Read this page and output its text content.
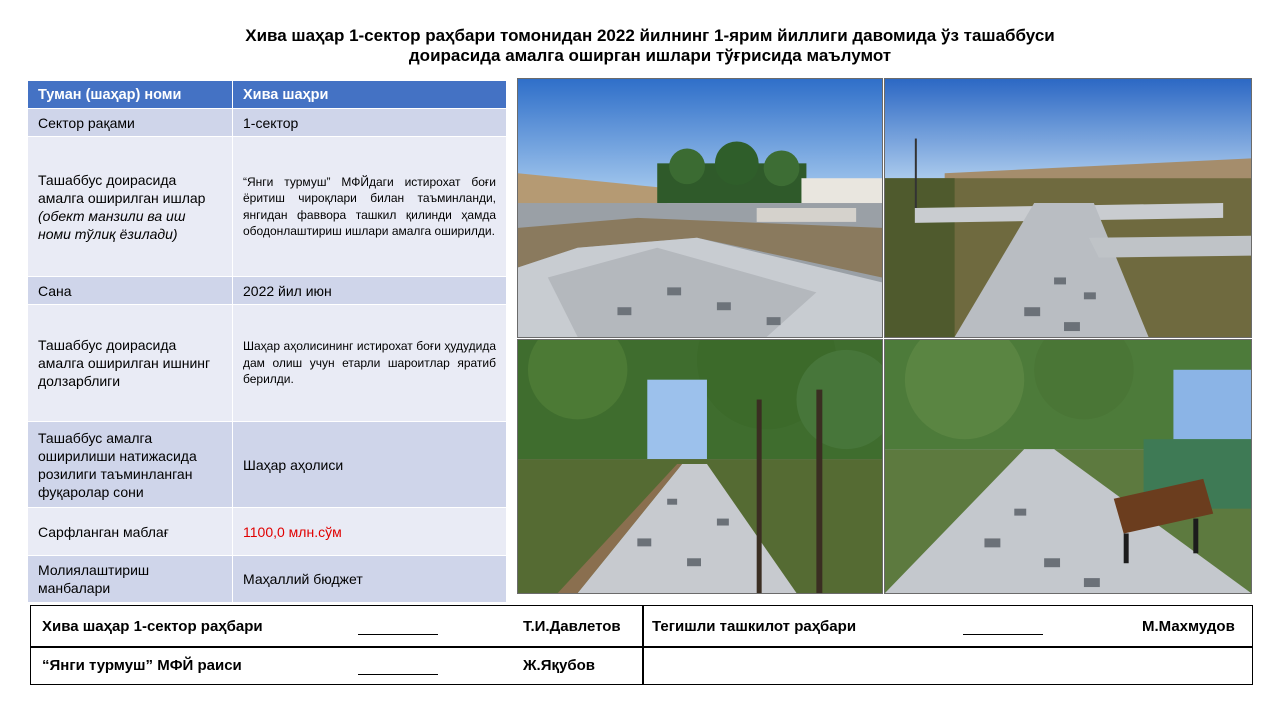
Хива шаҳар 1-сектор раҳбари томонидан 2022 йилнинг 1-ярим йиллиги давомида ўз ташаббуси
доирасида амалга оширган ишлари тўғрисида маълумот
Туман (шаҳар) номи	Хива шаҳри
Сектор рақами	1-сектор
Ташаббус доирасида амалга оширилган ишлар (обект манзили ва иш номи тўлиқ ёзилади)	“Янги турмуш” МФЙдаги истирохат боғи ёритиш чироқлари билан таъминланди, янгидан фаввора ташкил қилинди ҳамда ободонлаштириш ишлари амалга оширилди.
Сана	2022 йил июн
Ташаббус доирасида амалга оширилган ишнинг долзарблиги	Шаҳар аҳолисининг истирохат боғи ҳудудида дам олиш учун етарли шароитлар яратиб берилди.
Ташаббус амалга оширилиши натижасида розилиги таъминланган фуқаролар сони	Шаҳар аҳолиси
Сарфланган маблағ	1100,0 млн.сўм
Молиялаштириш манбалари	Маҳаллий бюджет
Хива шаҳар 1-сектор раҳбари	Т.И.Давлетов Тегишли ташкилот раҳбари	М.Махмудов
“Янги турмуш” МФЙ раиси	Ж.Яқубов
